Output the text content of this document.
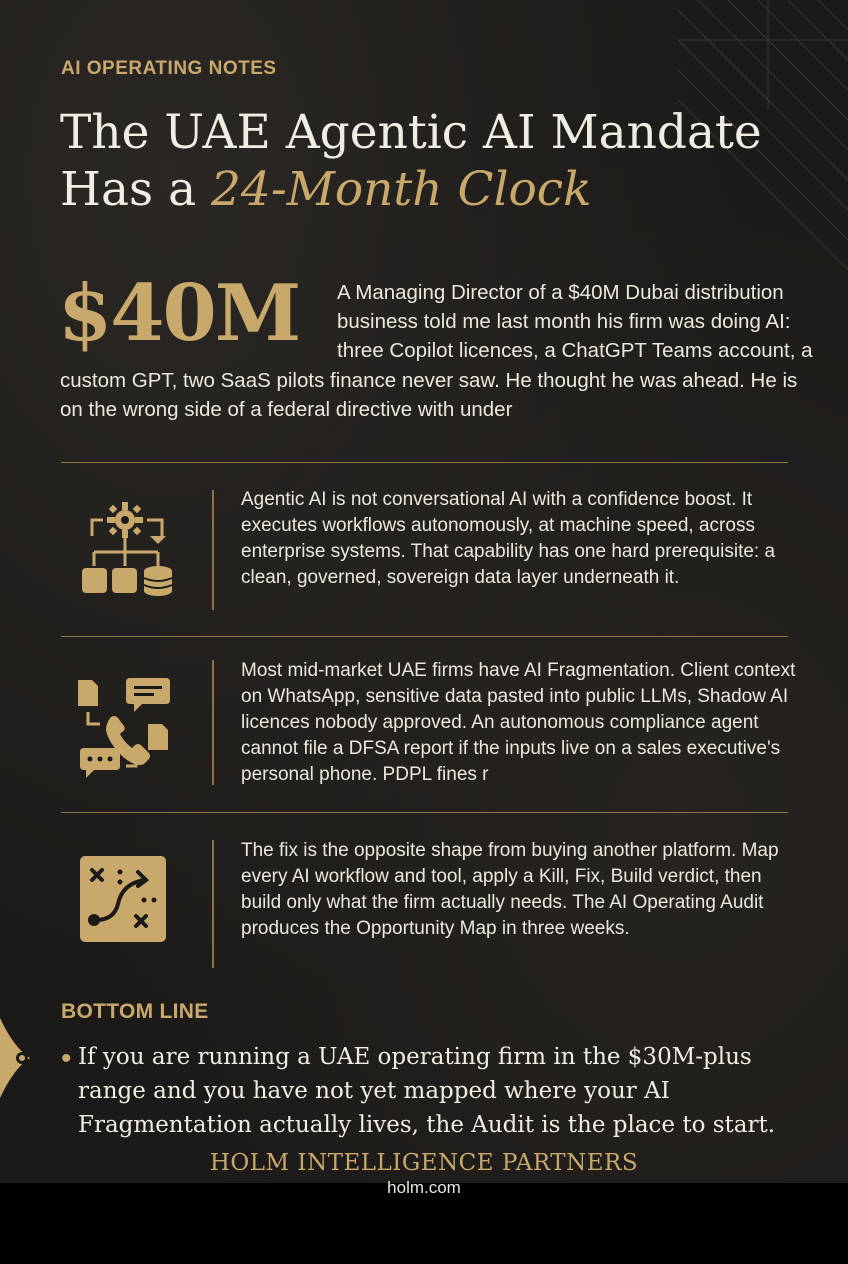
AI OPERATING NOTES
The UAE Agentic AI Mandate
Has a 24-Month Clock
$40M	A Managing Director of a $40M Dubai distribution business told me last month his firm was doing AI: three Copilot licences, a ChatGPT Teams account, a custom GPT, two SaaS pilots finance never saw. He thought he was ahead. He is on the wrong side of a federal directive with under

Agentic AI is not conversational AI with a confidence boost. It executes workflows autonomously, at machine speed, across enterprise systems. That capability has one hard prerequisite: a clean, governed, sovereign data layer underneath it.

Most mid-market UAE firms have AI Fragmentation. Client context on WhatsApp, sensitive data pasted into public LLMs, Shadow AI licences nobody approved. An autonomous compliance agent cannot file a DFSA report if the inputs live on a sales executive's personal phone. PDPL fines r

The fix is the opposite shape from buying another platform. Map every AI workflow and tool, apply a Kill, Fix, Build verdict, then build only what the firm actually needs. The AI Operating Audit produces the Opportunity Map in three weeks.

BOTTOM LINE
• If you are running a UAE operating firm in the $30M-plus range and you have not yet mapped where your AI Fragmentation actually lives, the Audit is the place to start.

HOLM INTELLIGENCE PARTNERS
holm.com
